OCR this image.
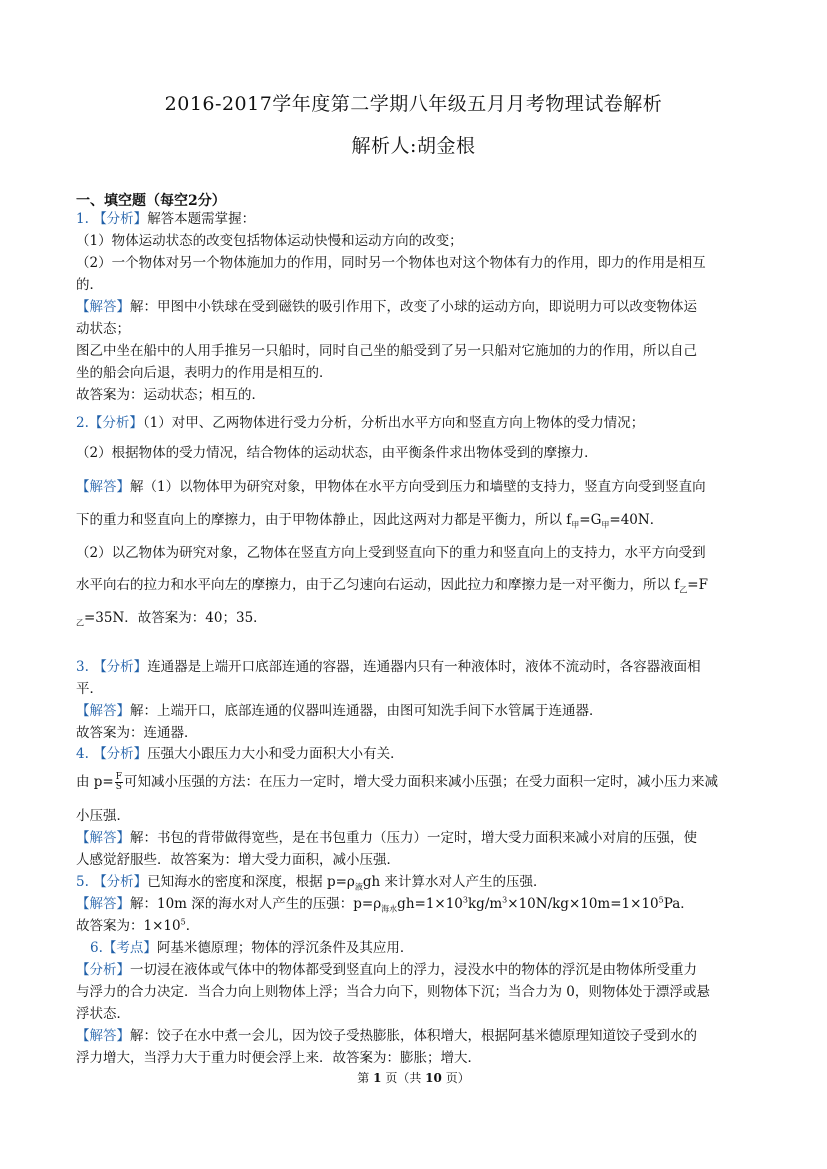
2016-2017学年度第二学期八年级五月月考物理试卷解析
解析人:胡金根
一、填空题（每空2分）
1. 【分析】解答本题需掌握：
（1）物体运动状态的改变包括物体运动快慢和运动方向的改变；
（2）一个物体对另一个物体施加力的作用，同时另一个物体也对这个物体有力的作用，即力的作用是相互
的．
【解答】解：甲图中小铁球在受到磁铁的吸引作用下，改变了小球的运动方向，即说明力可以改变物体运
动状态；
图乙中坐在船中的人用手推另一只船时，同时自己坐的船受到了另一只船对它施加的力的作用，所以自己
坐的船会向后退，表明力的作用是相互的．
故答案为：运动状态；相互的．
2.【分析】（1）对甲、乙两物体进行受力分析，分析出水平方向和竖直方向上物体的受力情况；
（2）根据物体的受力情况，结合物体的运动状态，由平衡条件求出物体受到的摩擦力．
【解答】解（1）以物体甲为研究对象，甲物体在水平方向受到压力和墙壁的支持力，竖直方向受到竖直向
下的重力和竖直向上的摩擦力，由于甲物体静止，因此这两对力都是平衡力，所以 $f_甲=G_甲=40N$．
（2）以乙物体为研究对象，乙物体在竖直方向上受到竖直向下的重力和竖直向上的支持力，水平方向受到
水平向右的拉力和水平向左的摩擦力，由于乙匀速向右运动，因此拉力和摩擦力是一对平衡力，所以 $f_乙=F$
$_乙$=35N．故答案为：40；35．
3. 【分析】连通器是上端开口底部连通的容器，连通器内只有一种液体时，液体不流动时，各容器液面相
平．
【解答】解：上端开口，底部连通的仪器叫连通器，由图可知洗手间下水管属于连通器．
故答案为：连通器．
4. 【分析】压强大小跟压力大小和受力面积大小有关．
由 $p= \frac{F}{S}$ 可知减小压强的方法：在压力一定时，增大受力面积来减小压强；在受力面积一定时，减小压力来减
小压强．
【解答】解：书包的背带做得宽些，是在书包重力（压力）一定时，增大受力面积来减小对肩的压强，使
人感觉舒服些．故答案为：增大受力面积，减小压强．
5. 【分析】已知海水的密度和深度，根据 $p=\rho_液gh$ 来计算水对人产生的压强．
【解答】解：10m 深的海水对人产生的压强：$p=\rho_{海水}gh=1\times 10^3kg/m^3\times 10N/kg\times 10m=1\times 10^5Pa$．
故答案为：$1\times 10^5$．
6.【考点】阿基米德原理；物体的浮沉条件及其应用．
【分析】一切浸在液体或气体中的物体都受到竖直向上的浮力，浸没水中的物体的浮沉是由物体所受重力
与浮力的合力决定．当合力向上则物体上浮；当合力向下，则物体下沉；当合力为 0，则物体处于漂浮或悬
浮状态．
【解答】解：饺子在水中煮一会儿，因为饺子受热膨胀，体积增大，根据阿基米德原理知道饺子受到水的
浮力增大，当浮力大于重力时便会浮上来．故答案为：膨胀；增大．
第 1 页（共 10 页）
